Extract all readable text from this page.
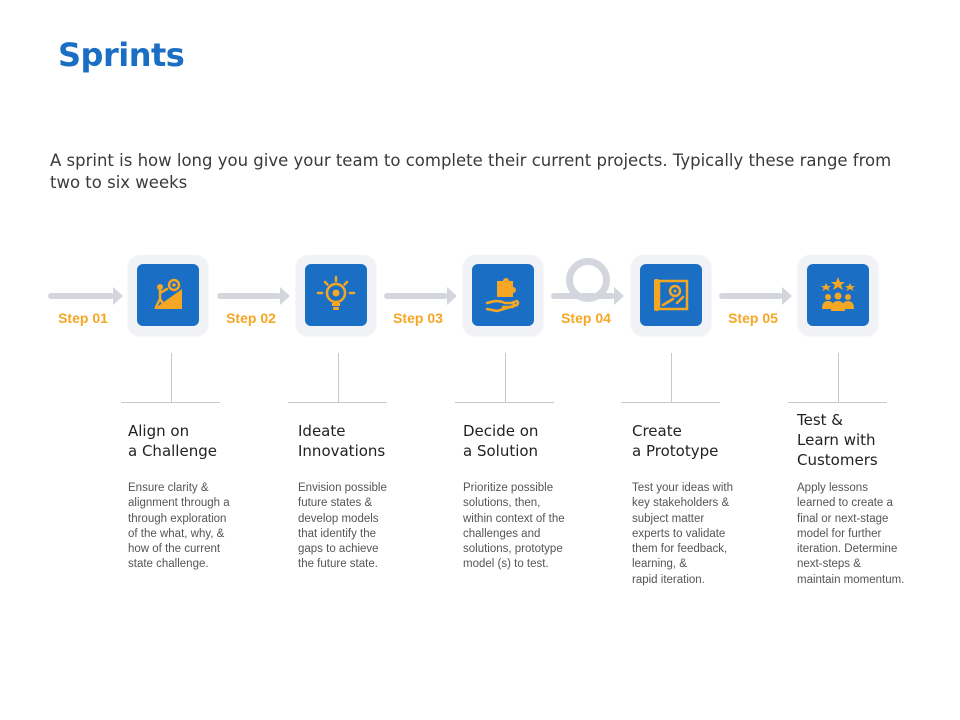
Sprints
A sprint is how long you give your team to complete their current projects. Typically these range from two to six weeks
Step 01	Step 02	Step 03	Step 04	Step 05
Align on
a Challenge
Ideate
Innovations
Decide on
a Solution
Create
a Prototype
Test &
Learn with
Customers
Ensure clarity &
alignment through a
through exploration
of the what, why, &
how of the current
state challenge.
Envision possible
future states &
develop models
that identify the
gaps to achieve
the future state.
Prioritize possible
solutions, then,
within context of the
challenges and
solutions, prototype
model (s) to test.
Test your ideas with
key stakeholders &
subject matter
experts to validate
them for feedback,
learning, &
rapid iteration.
Apply lessons
learned to create a
final or next-stage
model for further
iteration. Determine
next-steps &
maintain momentum.
